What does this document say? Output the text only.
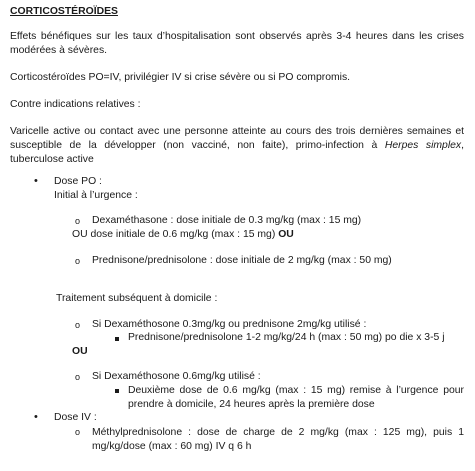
CORTICOSTÉROÏDES
Effets bénéfiques sur les taux d’hospitalisation sont observés après 3-4 heures dans les crises modérées à sévères.
Corticostéroïdes PO=IV, privilégier IV si crise sévère ou si PO compromis.
Contre indications relatives :
Varicelle active ou contact avec une personne atteinte au cours des trois dernières semaines et susceptible de la développer (non vacciné, non faite), primo-infection à Herpes simplex, tuberculose active
• Dose PO :
Initial à l’urgence :
o Dexaméthasone : dose initiale de 0.3 mg/kg (max : 15 mg)
OU dose initiale de 0.6 mg/kg (max : 15 mg) OU
o Prednisone/prednisolone : dose initiale de 2 mg/kg (max : 50 mg)
Traitement subséquent à domicile :
o Si Dexaméthosone 0.3mg/kg ou prednisone 2mg/kg utilisé :
Prednisone/prednisolone 1-2 mg/kg/24 h (max : 50 mg) po die x 3-5 j
OU
o Si Dexaméthosone 0.6mg/kg utilisé :
Deuxième dose de 0.6 mg/kg (max : 15 mg) remise à l’urgence pour prendre à domicile, 24 heures après la première dose
• Dose IV :
o Méthylprednisolone : dose de charge de 2 mg/kg (max : 125 mg), puis 1 mg/kg/dose (max : 60 mg) IV q 6 h
